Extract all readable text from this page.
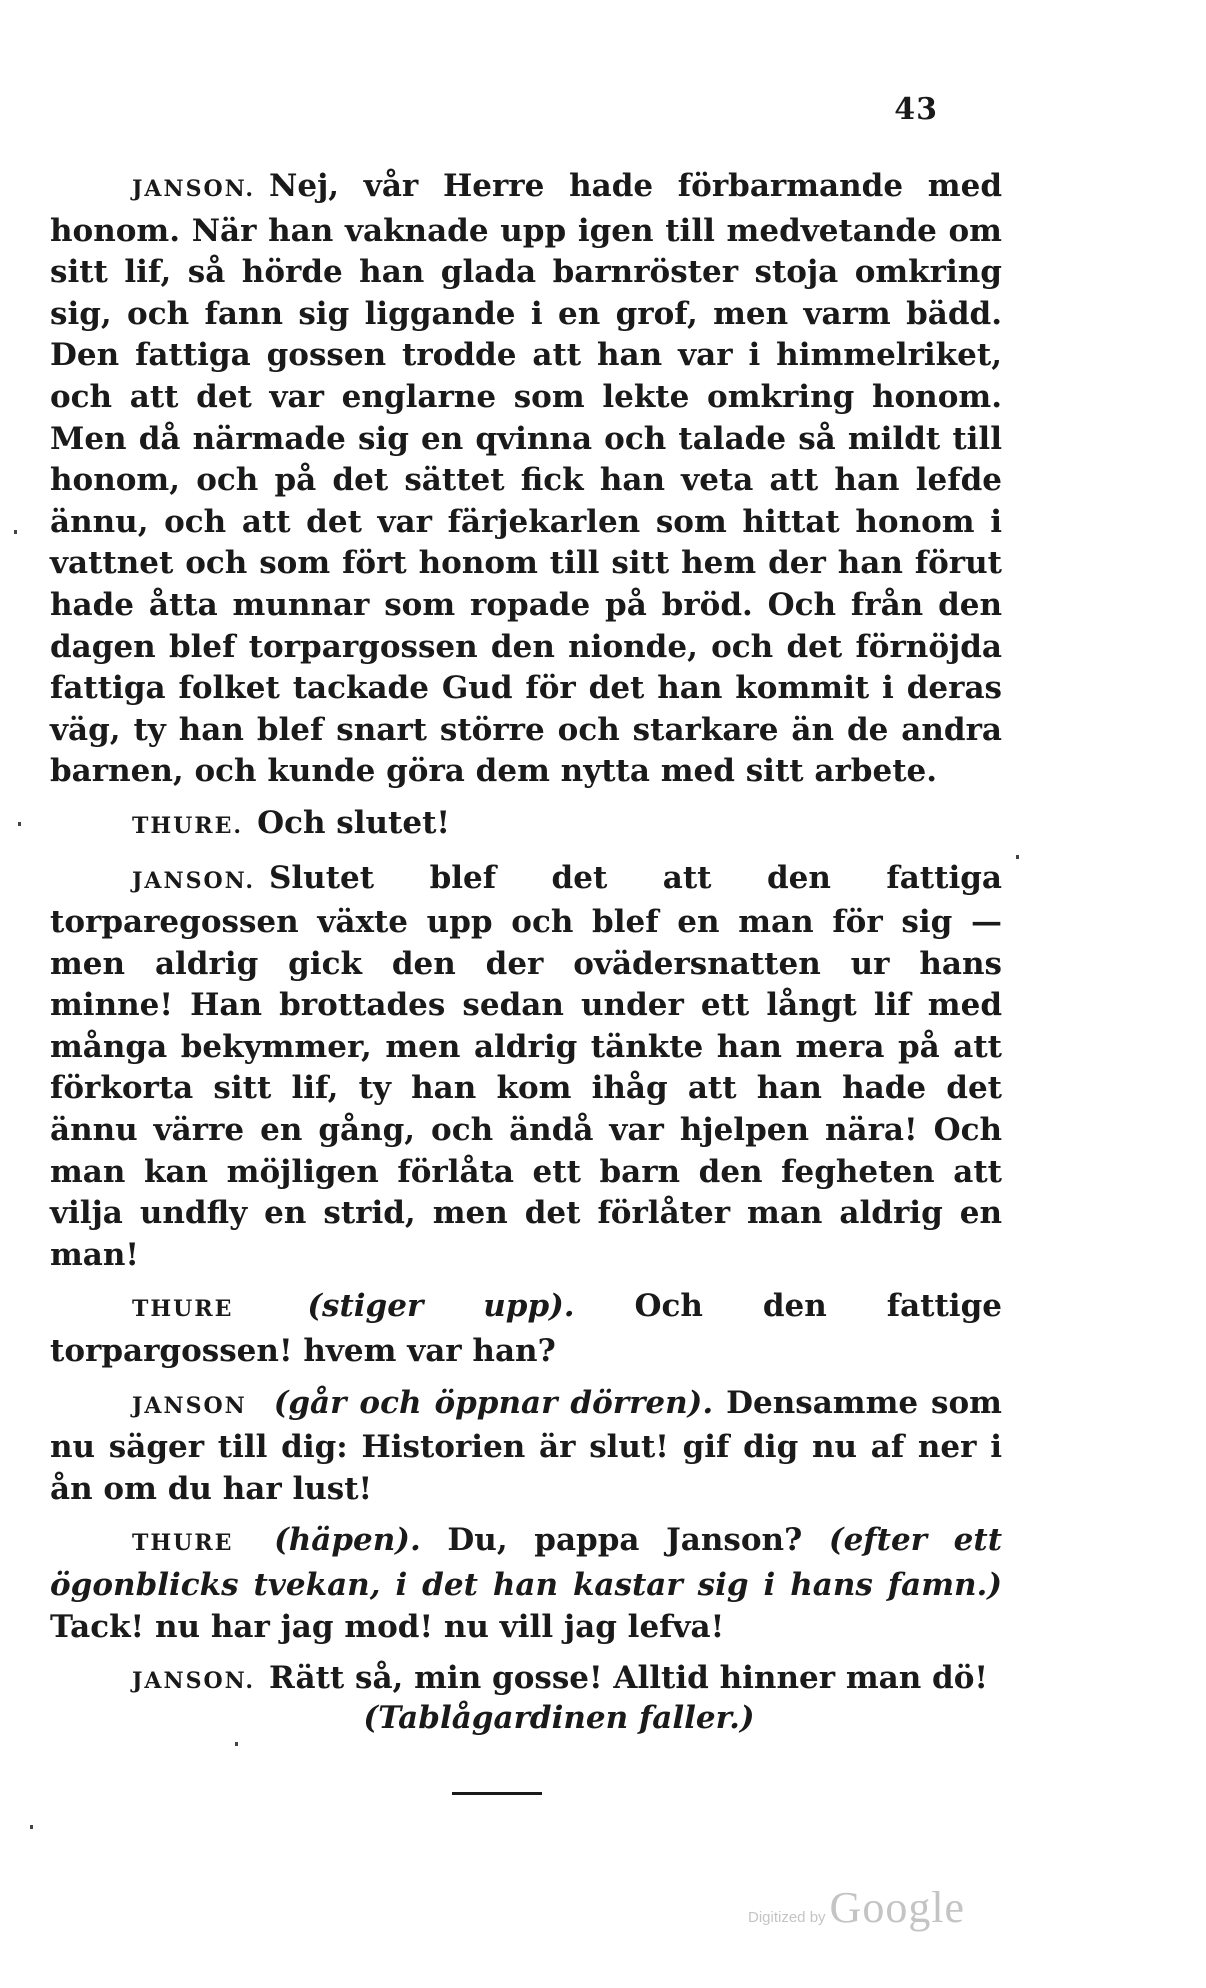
43

JANSON. Nej, vår Herre hade förbarmande med honom. När han vaknade upp igen till medvetande om sitt lif, så hörde han glada barnröster stoja omkring sig, och fann sig liggande i en grof, men varm bädd. Den fattiga gossen trodde att han var i himmelriket, och att det var englarne som lekte omkring honom. Men då närmade sig en qvinna och talade så mildt till honom, och på det sättet fick han veta att han lefde ännu, och att det var färjekarlen som hittat honom i vattnet och som fört honom till sitt hem der han förut hade åtta munnar som ropade på bröd. Och från den dagen blef torpargossen den nionde, och det förnöjda fattiga folket tackade Gud för det han kommit i deras väg, ty han blef snart större och starkare än de andra barnen, och kunde göra dem nytta med sitt arbete.

THURE. Och slutet!

JANSON. Slutet blef det att den fattiga torparegossen växte upp och blef en man för sig — men aldrig gick den der ovädersnatten ur hans minne! Han brottades sedan under ett långt lif med många bekymmer, men aldrig tänkte han mera på att förkorta sitt lif, ty han kom ihåg att han hade det ännu värre en gång, och ändå var hjelpen nära! Och man kan möjligen förlåta ett barn den fegheten att vilja undfly en strid, men det förlåter man aldrig en man!

THURE (stiger upp). Och den fattige torpargossen! hvem var han?

JANSON (går och öppnar dörren). Densamme som nu säger till dig: Historien är slut! gif dig nu af ner i ån om du har lust!

THURE (häpen). Du, pappa Janson? (efter ett ögonblicks tvekan, i det han kastar sig i hans famn.) Tack! nu har jag mod! nu vill jag lefva!

JANSON. Rätt så, min gosse! Alltid hinner man dö!

(Tablågardinen faller.)
Digitized by Google
